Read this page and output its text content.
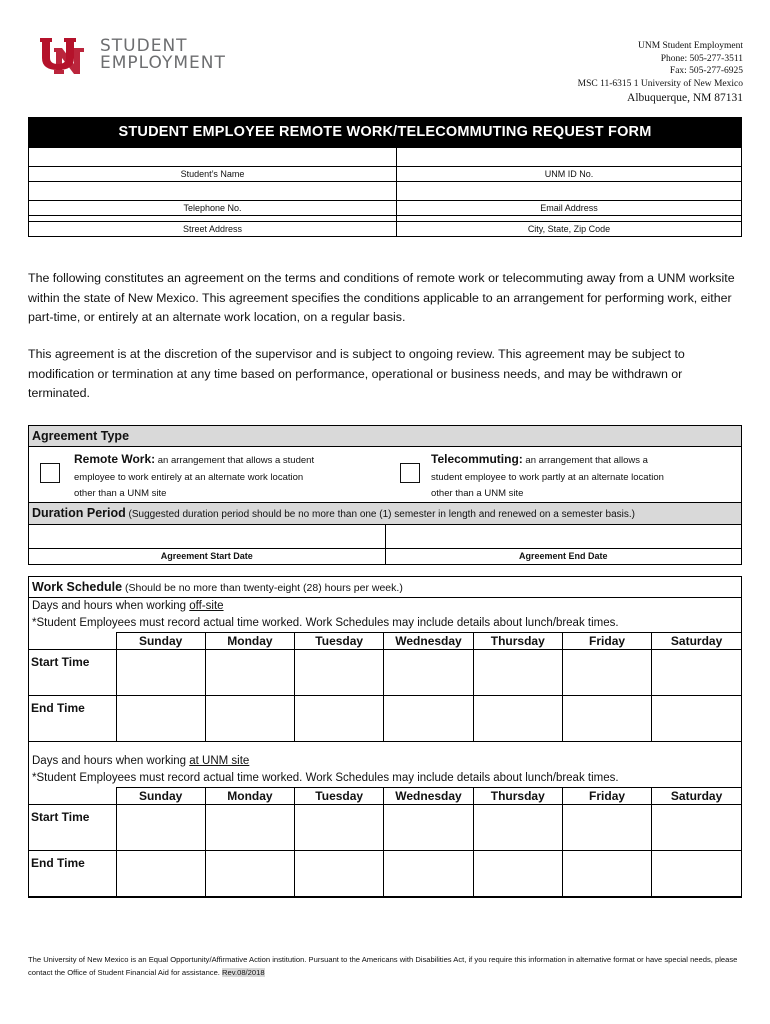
STUDENT
EMPLOYMENT
UNM Student Employment
Phone: 505-277-3511
Fax: 505-277-6925
MSC 11-6315 1 University of New Mexico
Albuquerque, NM 87131
STUDENT EMPLOYEE REMOTE WORK/TELECOMMUTING REQUEST FORM

Student’s Name	UNM ID No.

Telephone No.	Email Address

Street Address	City, State, Zip Code
The following constitutes an agreement on the terms and conditions of remote work or telecommuting away from a UNM worksite within the state of New Mexico. This agreement specifies the conditions applicable to an arrangement for performing work, either part-time, or entirely at an alternate work location, on a regular basis.
This agreement is at the discretion of the supervisor and is subject to ongoing review. This agreement may be subject to modification or termination at any time based on performance, operational or business needs, and may be withdrawn or terminated.
Agreement Type
Remote Work: an arrangement that allows a student
employee to work entirely at an alternate work location
other than a UNM site
Telecommuting: an arrangement that allows a
student employee to work partly at an alternate location
other than a UNM site
Duration Period (Suggested duration period should be no more than one (1) semester in length and renewed on a semester basis.)

Agreement Start Date	Agreement End Date
Work Schedule (Should be no more than twenty-eight (28) hours per week.)
Days and hours when working off-site
*Student Employees must record actual time worked. Work Schedules may include details about lunch/break times.
	Sunday	Monday	Tuesday	Wednesday	Thursday	Friday	Saturday
Start Time							
End Time							
Days and hours when working at UNM site
*Student Employees must record actual time worked. Work Schedules may include details about lunch/break times.
	Sunday	Monday	Tuesday	Wednesday	Thursday	Friday	Saturday
Start Time							
End Time							
The University of New Mexico is an Equal Opportunity/Affirmative Action institution. Pursuant to the Americans with Disabilities Act, if you require this information in alternative format or have special needs, please contact the Office of Student Financial Aid for assistance. Rev.08/2018
